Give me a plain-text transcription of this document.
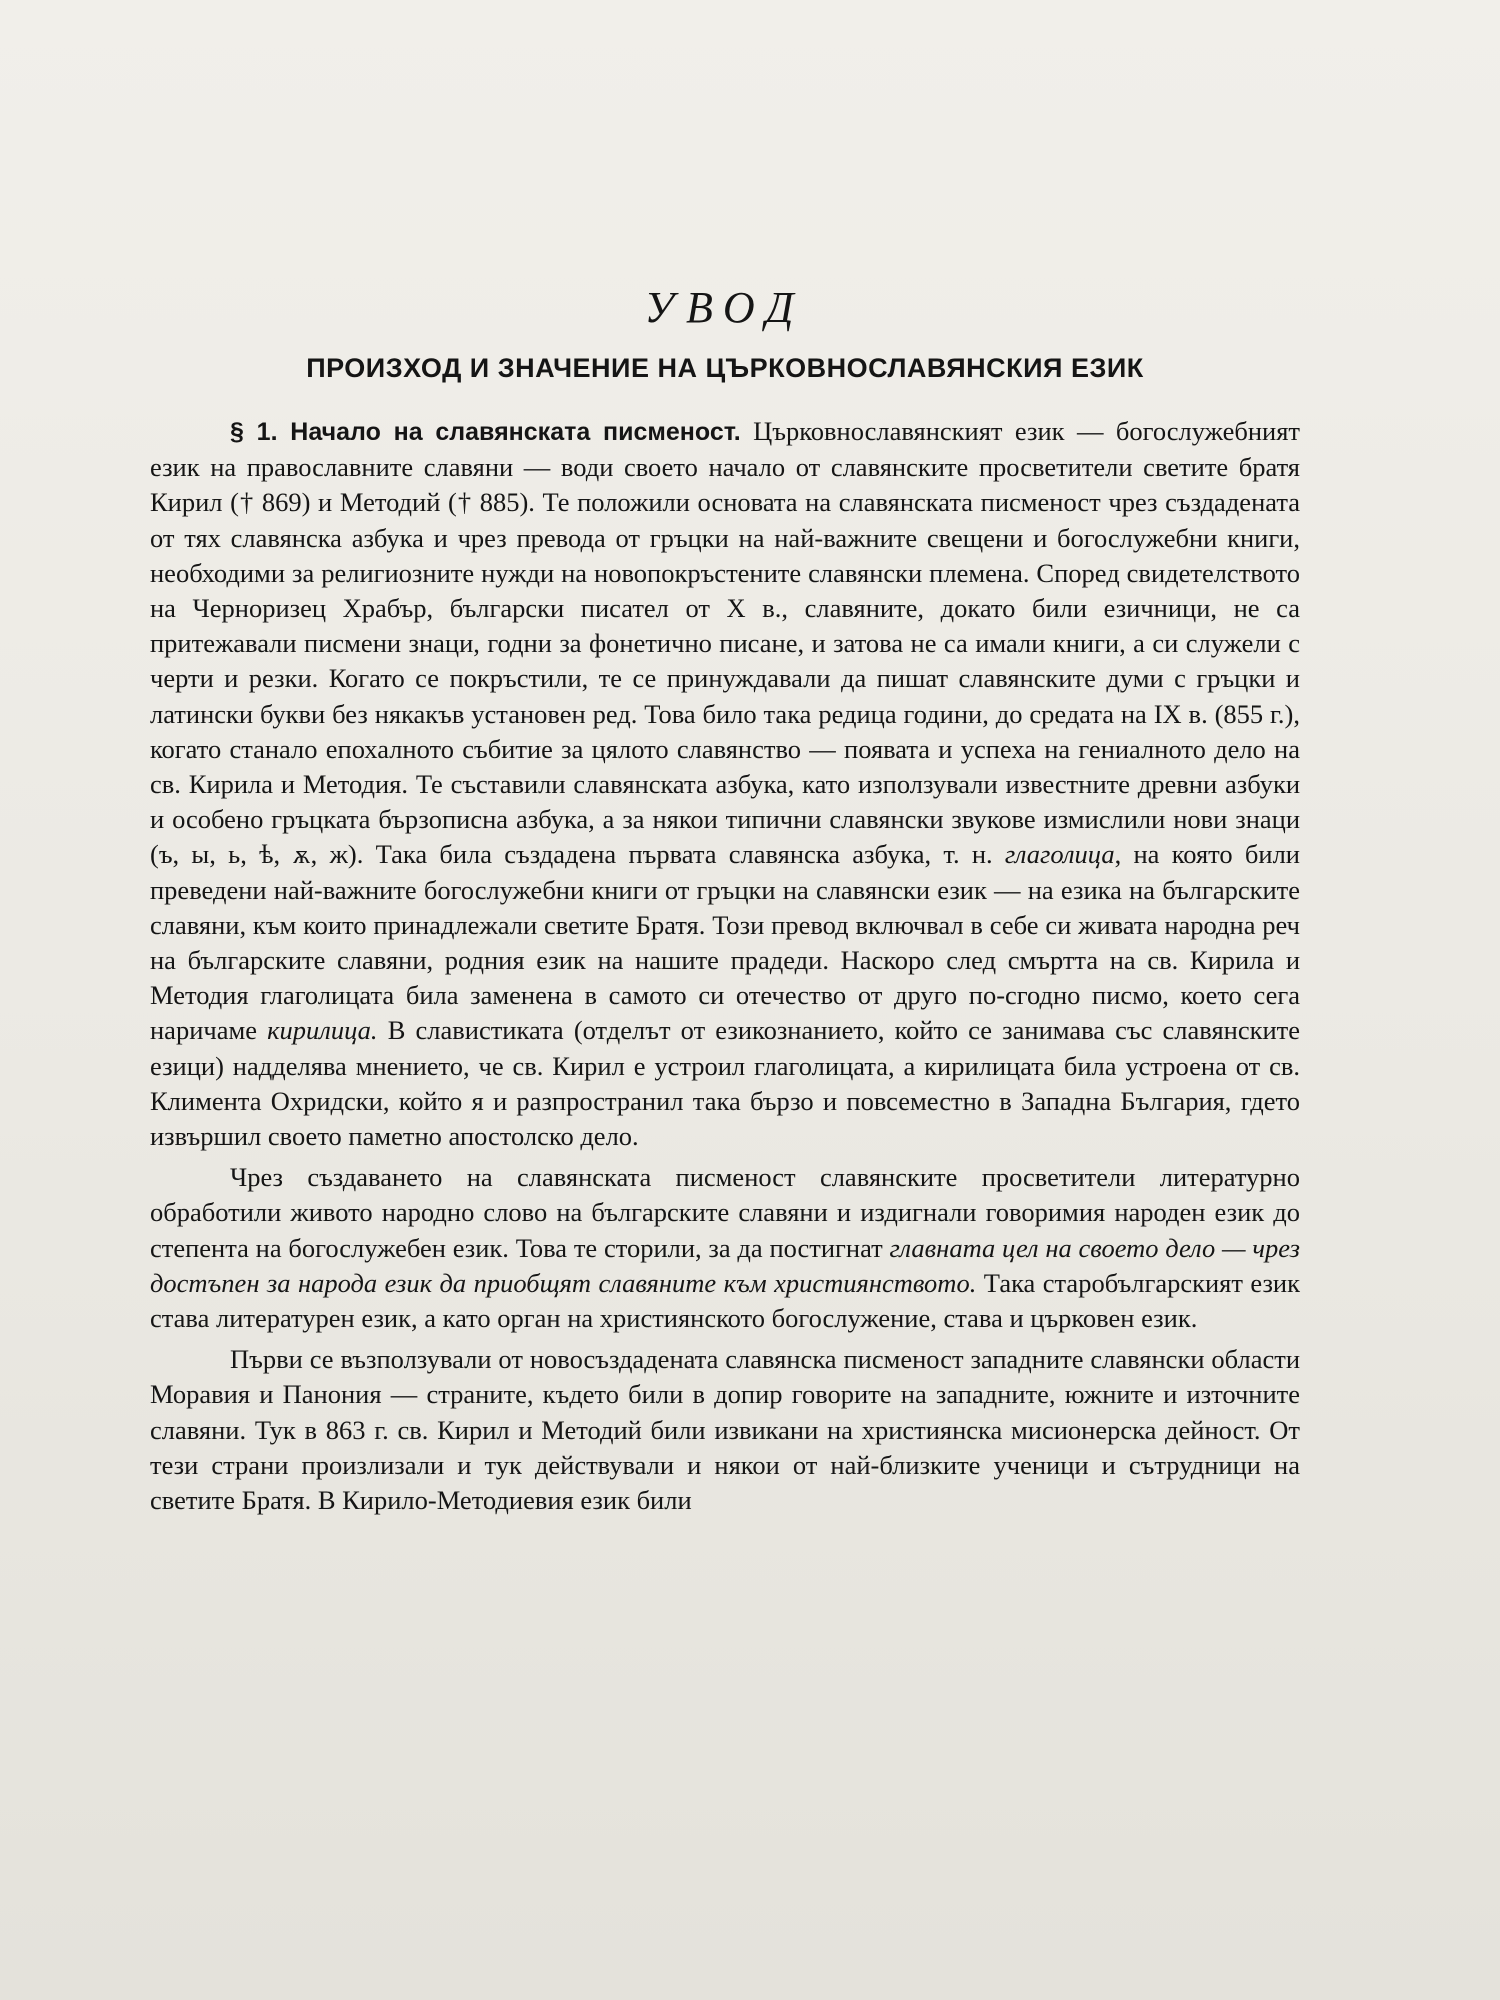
УВОД
ПРОИЗХОД И ЗНАЧЕНИЕ НА ЦЪРКОВНОСЛАВЯНСКИЯ ЕЗИК

§ 1. Начало на славянската писменост. Църковнославянският език — богослужебният език на православните славяни — води своето начало от славянските просветители светите братя Кирил († 869) и Методий († 885). Те положили основата на славянската писменост чрез създадената от тях славянска азбука и чрез превода от гръцки на най-важните свещени и богослужебни книги, необходими за религиозните нужди на новопокръстените славянски племена. Според свидетелството на Черноризец Храбър, български писател от X в., славяните, докато били езичници, не са притежавали писмени знаци, годни за фонетично писане, и затова не са имали книги, а си служели с черти и резки. Когато се покръстили, те се принуждавали да пишат славянските думи с гръцки и латински букви без някакъв установен ред. Това било така редица години, до средата на IX в. (855 г.), когато станало епохалното събитие за цялото славянство — появата и успеха на гениалното дело на св. Кирила и Методия. Те съставили славянската азбука, като използували известните древни азбуки и особено гръцката бързописна азбука, а за някои типични славянски звукове измислили нови знаци (ъ, ы, ь, ѣ, ѫ, ж). Така била създадена първата славянска азбука, т. н. глаголица, на която били преведени най-важните богослужебни книги от гръцки на славянски език — на езика на българските славяни, към които принадлежали светите Братя. Този превод включвал в себе си живата народна реч на българските славяни, родния език на нашите прадеди. Наскоро след смъртта на св. Кирила и Методия глаголицата била заменена в самото си отечество от друго по-сгодно писмо, което сега наричаме кирилица. В славистиката (отделът от езикознанието, който се занимава със славянските езици) надделява мнението, че св. Кирил е устроил глаголицата, а кирилицата била устроена от св. Климента Охридски, който я и разпространил така бързо и повсеместно в Западна България, гдето извършил своето паметно апостолско дело.

Чрез създаването на славянската писменост славянските просветители литературно обработили живото народно слово на българските славяни и издигнали говоримия народен език до степента на богослужебен език. Това те сторили, за да постигнат главната цел на своето дело — чрез достъпен за народа език да приобщят славяните към християнството. Така старобългарският език става литературен език, а като орган на християнското богослужение, става и църковен език.

Първи се възползували от новосъздадената славянска писменост западните славянски области Моравия и Панония — страните, където били в допир говорите на западните, южните и източните славяни. Тук в 863 г. св. Кирил и Методий били извикани на християнска мисионерска дейност. От тези страни произлизали и тук действували и някои от най-близките ученици и сътрудници на светите Братя. В Кирило-Методиевия език били
